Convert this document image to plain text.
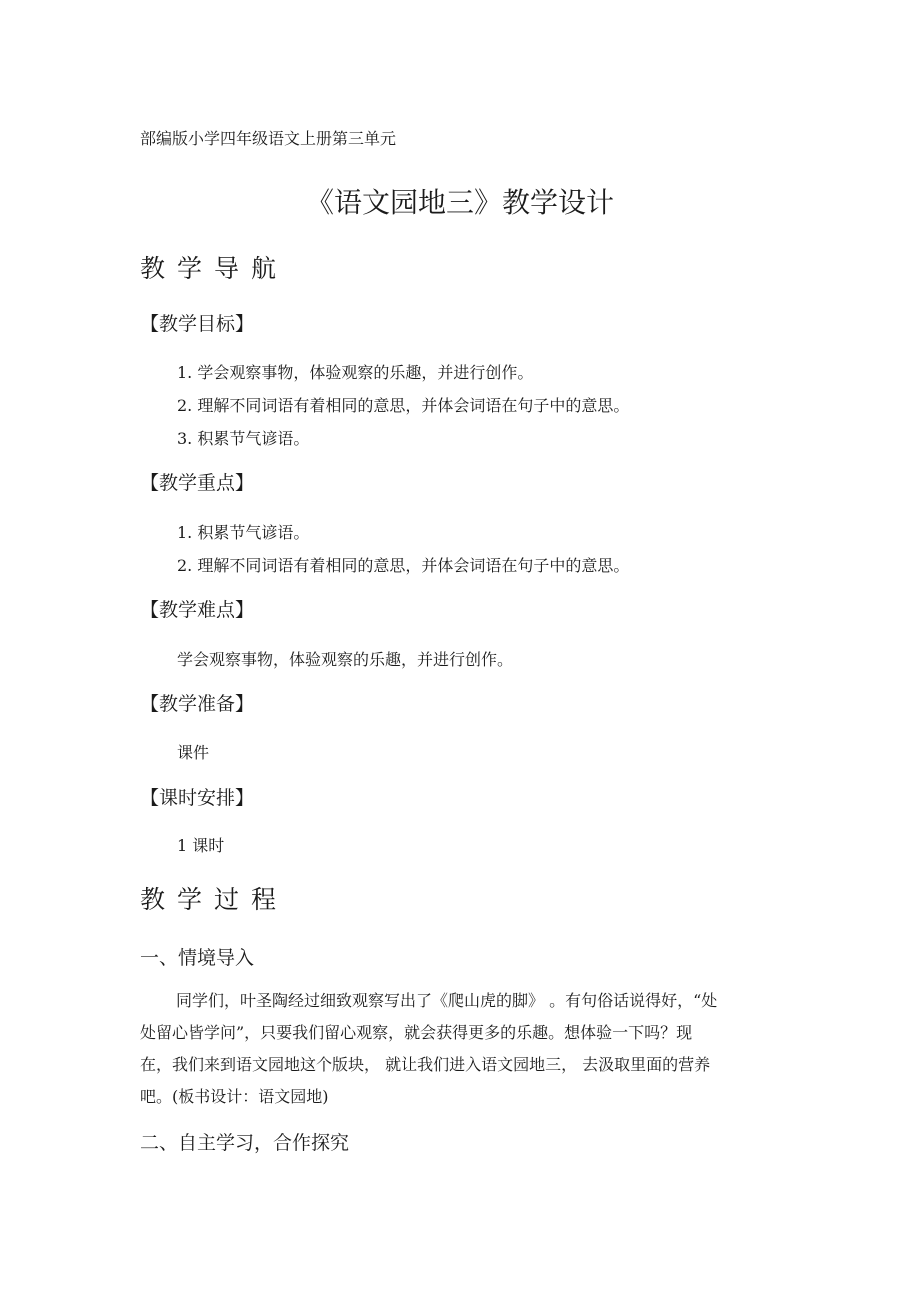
部编版小学四年级语文上册第三单元
《语文园地三》教学设计
教学导航
【教学目标】
1. 学会观察事物，体验观察的乐趣，并进行创作。
2. 理解不同词语有着相同的意思，并体会词语在句子中的意思。
3. 积累节气谚语。
【教学重点】
1. 积累节气谚语。
2. 理解不同词语有着相同的意思，并体会词语在句子中的意思。
【教学难点】
学会观察事物，体验观察的乐趣，并进行创作。
【教学准备】
课件
【课时安排】
1 课时
教学过程
一、情境导入
同学们，叶圣陶经过细致观察写出了《爬山虎的脚》 。有句俗话说得好，“处
处留心皆学问”，只要我们留心观察，就会获得更多的乐趣。想体验一下吗？现
在，我们来到语文园地这个版块， 就让我们进入语文园地三， 去汲取里面的营养
吧。(板书设计：语文园地)
二、自主学习，合作探究
